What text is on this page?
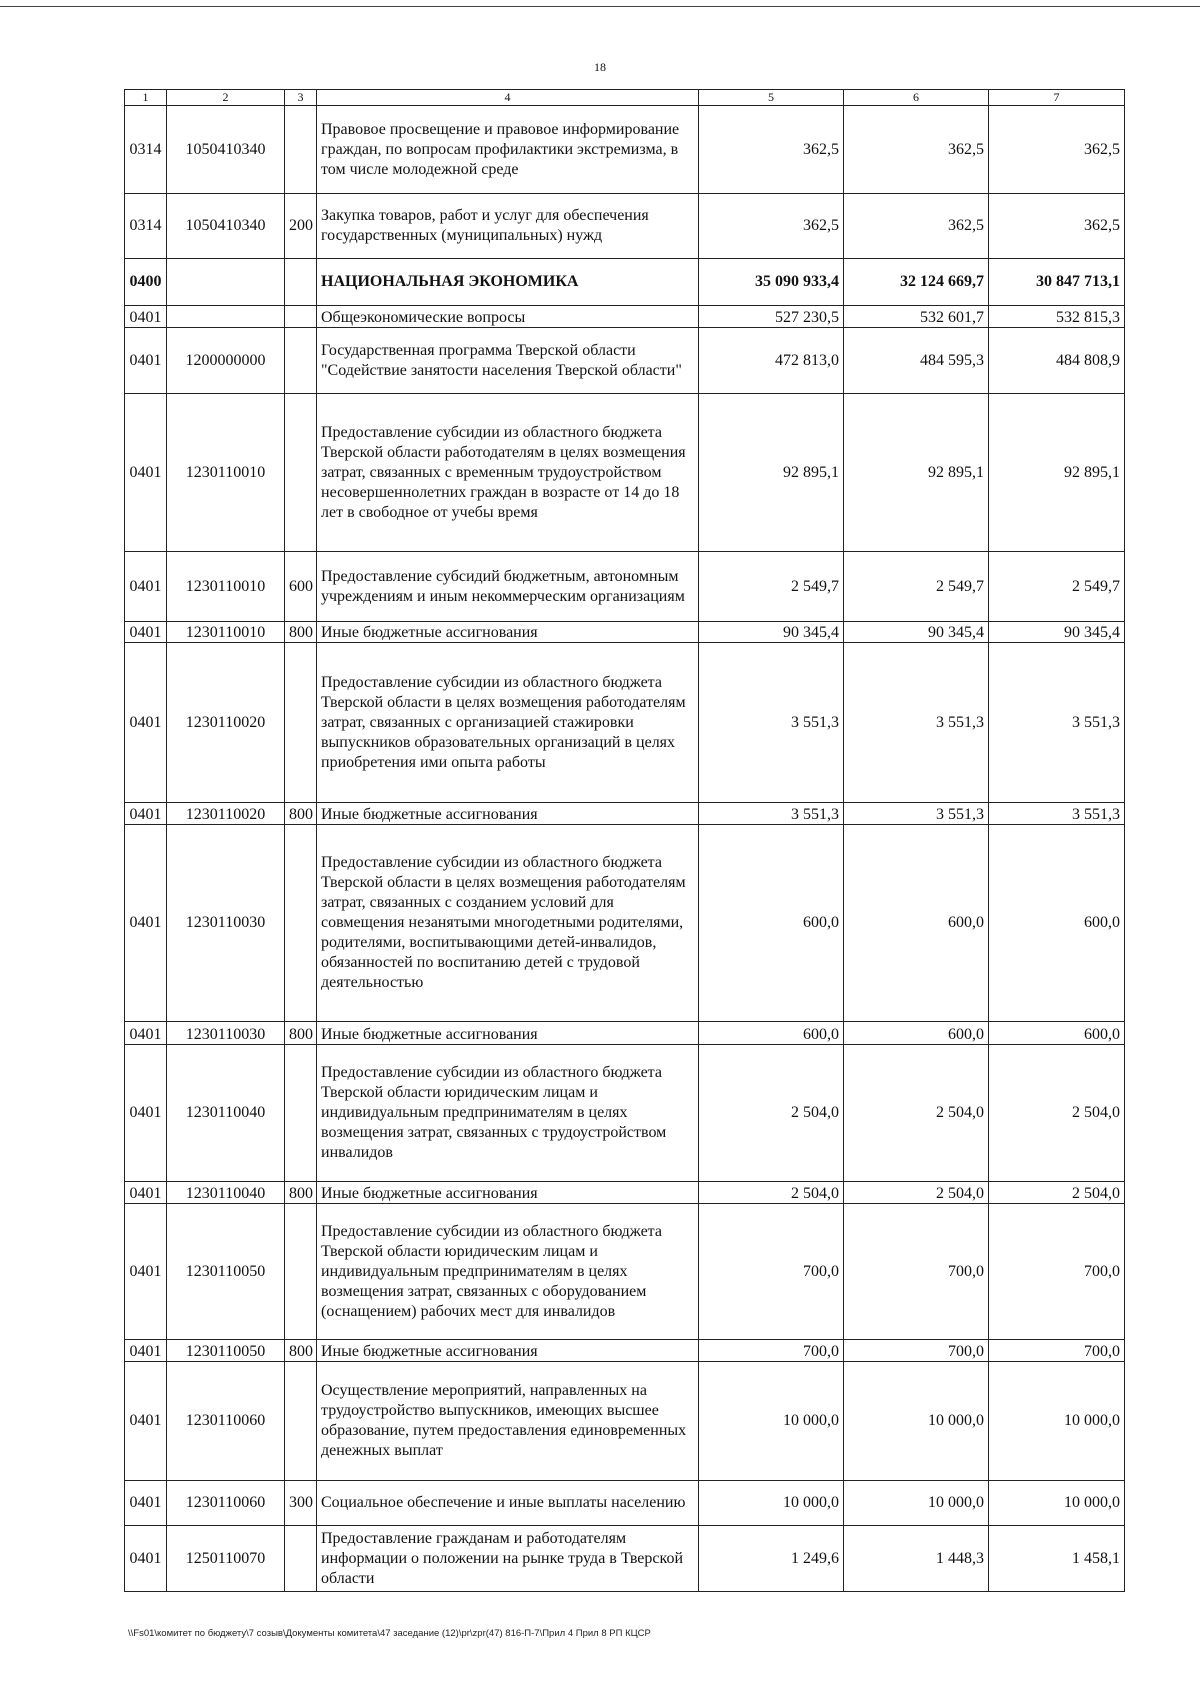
18
1	2	3	4	5	6	7
0314	1050410340		Правовое просвещение и правовое информирование граждан, по вопросам профилактики экстремизма, в том числе молодежной среде	362,5	362,5	362,5
0314	1050410340	200	Закупка товаров, работ и услуг для обеспечения государственных (муниципальных) нужд	362,5	362,5	362,5
0400			НАЦИОНАЛЬНАЯ ЭКОНОМИКА	35 090 933,4	32 124 669,7	30 847 713,1
0401			Общеэкономические вопросы	527 230,5	532 601,7	532 815,3
0401	1200000000		Государственная программа Тверской области "Содействие занятости населения Тверской области"	472 813,0	484 595,3	484 808,9
0401	1230110010		Предоставление субсидии из областного бюджета Тверской области работодателям в целях возмещения затрат, связанных с временным трудоустройством несовершеннолетних граждан в возрасте от 14 до 18 лет в свободное от учебы время	92 895,1	92 895,1	92 895,1
0401	1230110010	600	Предоставление субсидий бюджетным, автономным учреждениям и иным некоммерческим организациям	2 549,7	2 549,7	2 549,7
0401	1230110010	800	Иные бюджетные ассигнования	90 345,4	90 345,4	90 345,4
0401	1230110020		Предоставление субсидии из областного бюджета Тверской области в целях возмещения работодателям затрат, связанных с организацией стажировки выпускников образовательных организаций в целях приобретения ими опыта работы	3 551,3	3 551,3	3 551,3
0401	1230110020	800	Иные бюджетные ассигнования	3 551,3	3 551,3	3 551,3
0401	1230110030		Предоставление субсидии из областного бюджета Тверской области в целях возмещения работодателям затрат, связанных с созданием условий для совмещения незанятыми многодетными родителями, родителями, воспитывающими детей-инвалидов, обязанностей по воспитанию детей с трудовой деятельностью	600,0	600,0	600,0
0401	1230110030	800	Иные бюджетные ассигнования	600,0	600,0	600,0
0401	1230110040		Предоставление субсидии из областного бюджета Тверской области юридическим лицам и индивидуальным предпринимателям в целях возмещения затрат, связанных с трудоустройством инвалидов	2 504,0	2 504,0	2 504,0
0401	1230110040	800	Иные бюджетные ассигнования	2 504,0	2 504,0	2 504,0
0401	1230110050		Предоставление субсидии из областного бюджета Тверской области юридическим лицам и индивидуальным предпринимателям в целях возмещения затрат, связанных с оборудованием (оснащением) рабочих мест для инвалидов	700,0	700,0	700,0
0401	1230110050	800	Иные бюджетные ассигнования	700,0	700,0	700,0
0401	1230110060		Осуществление мероприятий, направленных на трудоустройство выпускников, имеющих высшее образование, путем предоставления единовременных денежных выплат	10 000,0	10 000,0	10 000,0
0401	1230110060	300	Социальное обеспечение и иные выплаты населению	10 000,0	10 000,0	10 000,0
0401	1250110070		Предоставление гражданам и работодателям информации о положении на рынке труда в Тверской области	1 249,6	1 448,3	1 458,1
\\Fs01\комитет по бюджету\7 созыв\Документы комитета\47 заседание (12)\pr\zpr(47) 816-П-7\Прил 4 Прил 8 РП КЦСР
